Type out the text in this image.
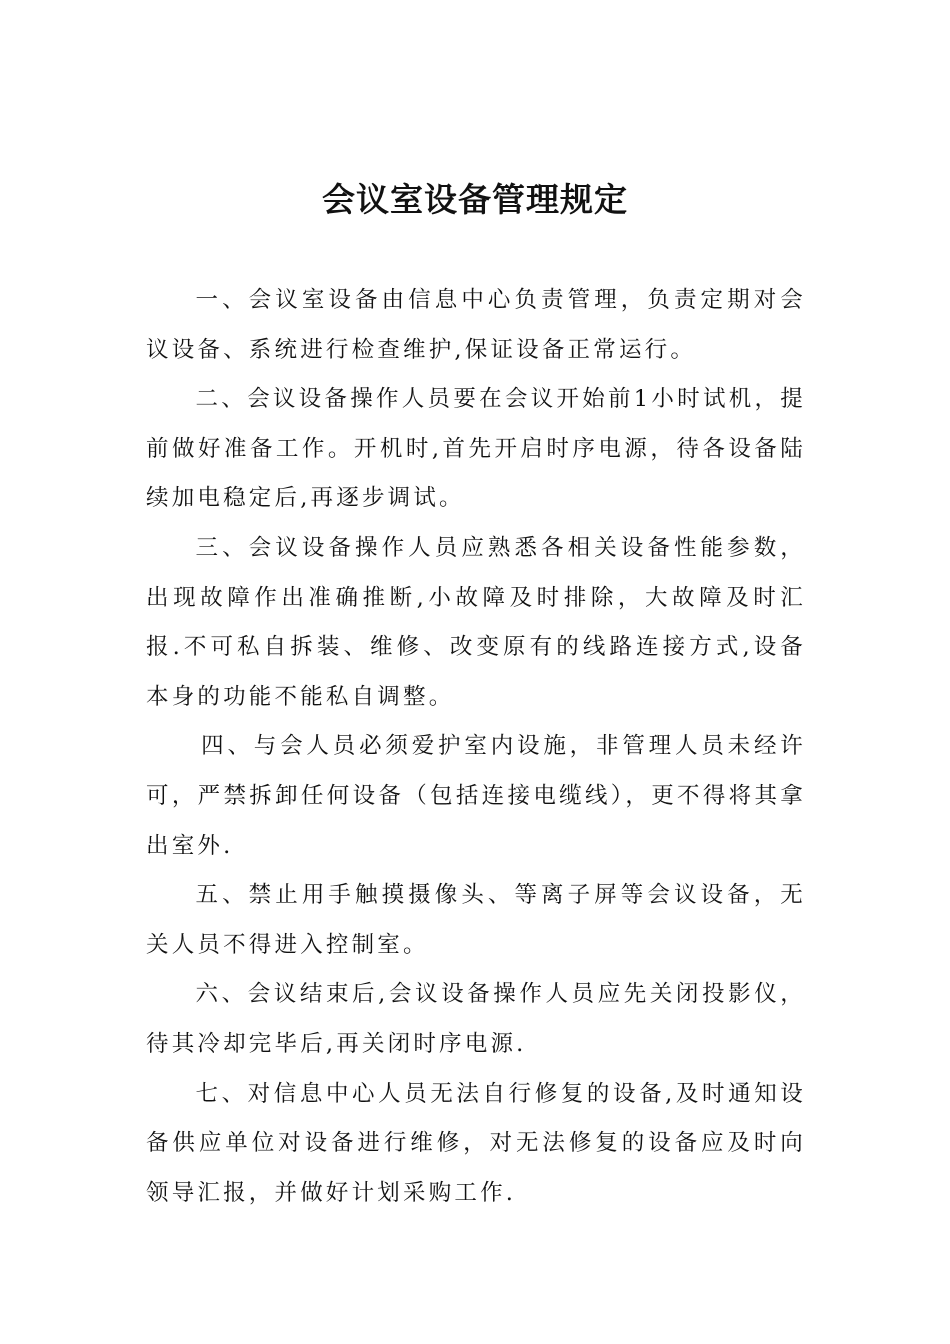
会议室设备管理规定

一、会议室设备由信息中心负责管理，负责定期对会议设备、系统进行检查维护,保证设备正常运行。

二、会议设备操作人员要在会议开始前1小时试机，提前做好准备工作。开机时,首先开启时序电源，待各设备陆续加电稳定后,再逐步调试。

三、会议设备操作人员应熟悉各相关设备性能参数，出现故障作出准确推断,小故障及时排除，大故障及时汇报.不可私自拆装、维修、改变原有的线路连接方式,设备本身的功能不能私自调整。

四、与会人员必须爱护室内设施，非管理人员未经许可，严禁拆卸任何设备（包括连接电缆线），更不得将其拿出室外.

五、禁止用手触摸摄像头、等离子屏等会议设备，无关人员不得进入控制室。

六、会议结束后,会议设备操作人员应先关闭投影仪，待其冷却完毕后,再关闭时序电源.

七、对信息中心人员无法自行修复的设备,及时通知设备供应单位对设备进行维修，对无法修复的设备应及时向领导汇报，并做好计划采购工作.
